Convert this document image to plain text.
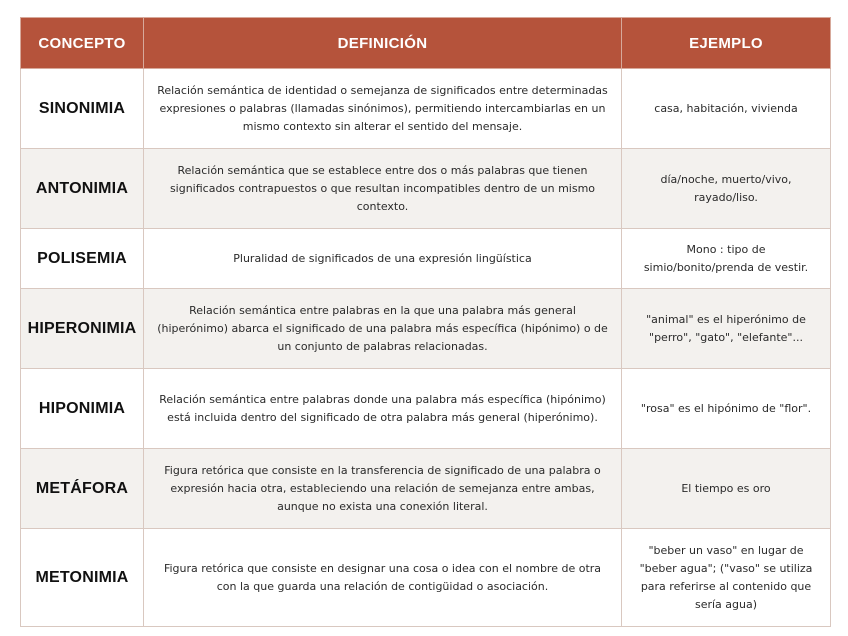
CONCEPTO	DEFINICIÓN	EJEMPLO
SINONIMIA	Relación semántica de identidad o semejanza de significados entre determinadas expresiones o palabras (llamadas sinónimos), permitiendo intercambiarlas en un mismo contexto sin alterar el sentido del mensaje.	casa, habitación, vivienda
ANTONIMIA	Relación semántica que se establece entre dos o más palabras que tienen significados contrapuestos o que resultan incompatibles dentro de un mismo contexto.	día/noche, muerto/vivo, rayado/liso.
POLISEMIA	Pluralidad de significados de una expresión lingüística	Mono : tipo de simio/bonito/prenda de vestir.
HIPERONIMIA	Relación semántica entre palabras en la que una palabra más general (hiperónimo) abarca el significado de una palabra más específica (hipónimo) o de un conjunto de palabras relacionadas.	"animal" es el hiperónimo de "perro", "gato", "elefante"...
HIPONIMIA	Relación semántica entre palabras donde una palabra más específica (hipónimo) está incluida dentro del significado de otra palabra más general (hiperónimo).	"rosa" es el hipónimo de "flor".
METÁFORA	Figura retórica que consiste en la transferencia de significado de una palabra o expresión hacia otra, estableciendo una relación de semejanza entre ambas, aunque no exista una conexión literal.	El tiempo es oro
METONIMIA	Figura retórica que consiste en designar una cosa o idea con el nombre de otra con la que guarda una relación de contigüidad o asociación.	"beber un vaso" en lugar de "beber agua"; ("vaso" se utiliza para referirse al contenido que sería agua)
